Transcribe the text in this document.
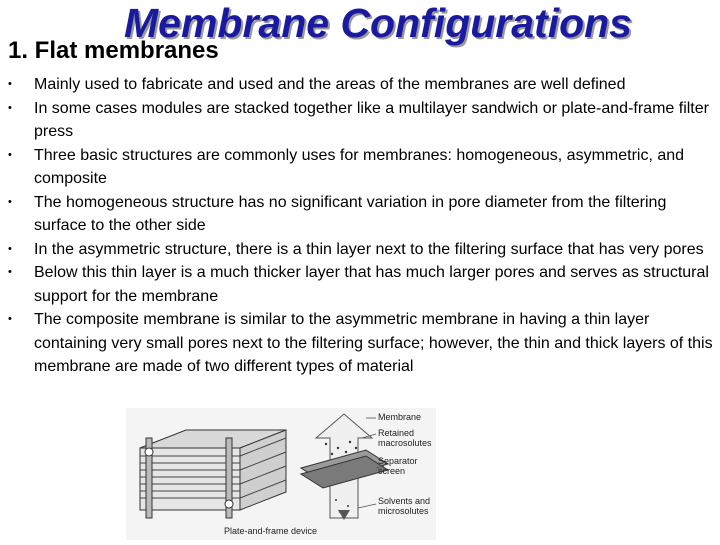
Membrane Configurations
1. Flat membranes
• Mainly used to fabricate and used and the areas of the membranes are well defined
• In some cases modules are stacked together like a multilayer sandwich or plate-and-frame filter press
• Three basic structures are commonly uses for membranes: homogeneous, asymmetric, and composite
• The homogeneous structure has no significant variation in pore diameter from the filtering surface to the other side
• In the asymmetric structure, there is a thin layer next to the filtering surface that has very pores
• Below this thin layer is a much thicker layer that has much larger pores and serves as structural support for the membrane
• The composite membrane is similar to the asymmetric membrane in having a thin layer containing very small pores next to the filtering surface; however, the thin and thick layers of this membrane are made of two different types of material
Membrane
Retained
macrosolutes
Separator
screen
Solvents and
microsolutes
Plate-and-frame device
